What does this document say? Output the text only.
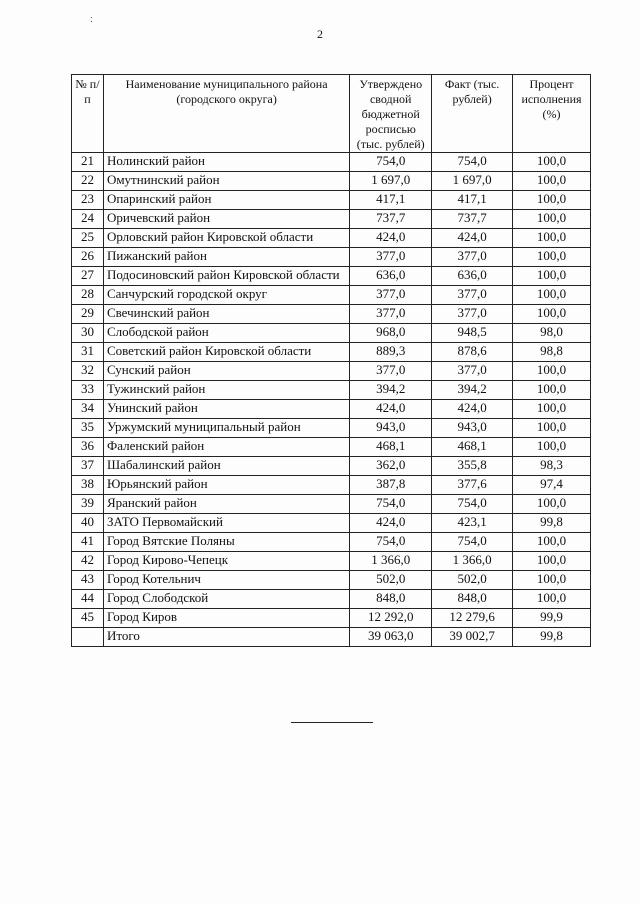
:
2
№ п/п	Наименование муниципального района (городского округа)	Утверждено сводной бюджетной росписью (тыс. рублей)	Факт (тыс. рублей)	Процент исполнения (%)
21	Нолинский район	754,0	754,0	100,0
22	Омутнинский район	1 697,0	1 697,0	100,0
23	Опаринский район	417,1	417,1	100,0
24	Оричевский район	737,7	737,7	100,0
25	Орловский район Кировской области	424,0	424,0	100,0
26	Пижанский район	377,0	377,0	100,0
27	Подосиновский район Кировской области	636,0	636,0	100,0
28	Санчурский городской округ	377,0	377,0	100,0
29	Свечинский район	377,0	377,0	100,0
30	Слободской район	968,0	948,5	98,0
31	Советский район Кировской области	889,3	878,6	98,8
32	Сунский район	377,0	377,0	100,0
33	Тужинский район	394,2	394,2	100,0
34	Унинский район	424,0	424,0	100,0
35	Уржумский муниципальный район	943,0	943,0	100,0
36	Фаленский район	468,1	468,1	100,0
37	Шабалинский район	362,0	355,8	98,3
38	Юрьянский район	387,8	377,6	97,4
39	Яранский район	754,0	754,0	100,0
40	ЗАТО Первомайский	424,0	423,1	99,8
41	Город Вятские Поляны	754,0	754,0	100,0
42	Город Кирово-Чепецк	1 366,0	1 366,0	100,0
43	Город Котельнич	502,0	502,0	100,0
44	Город Слободской	848,0	848,0	100,0
45	Город Киров	12 292,0	12 279,6	99,9
	Итого	39 063,0	39 002,7	99,8
